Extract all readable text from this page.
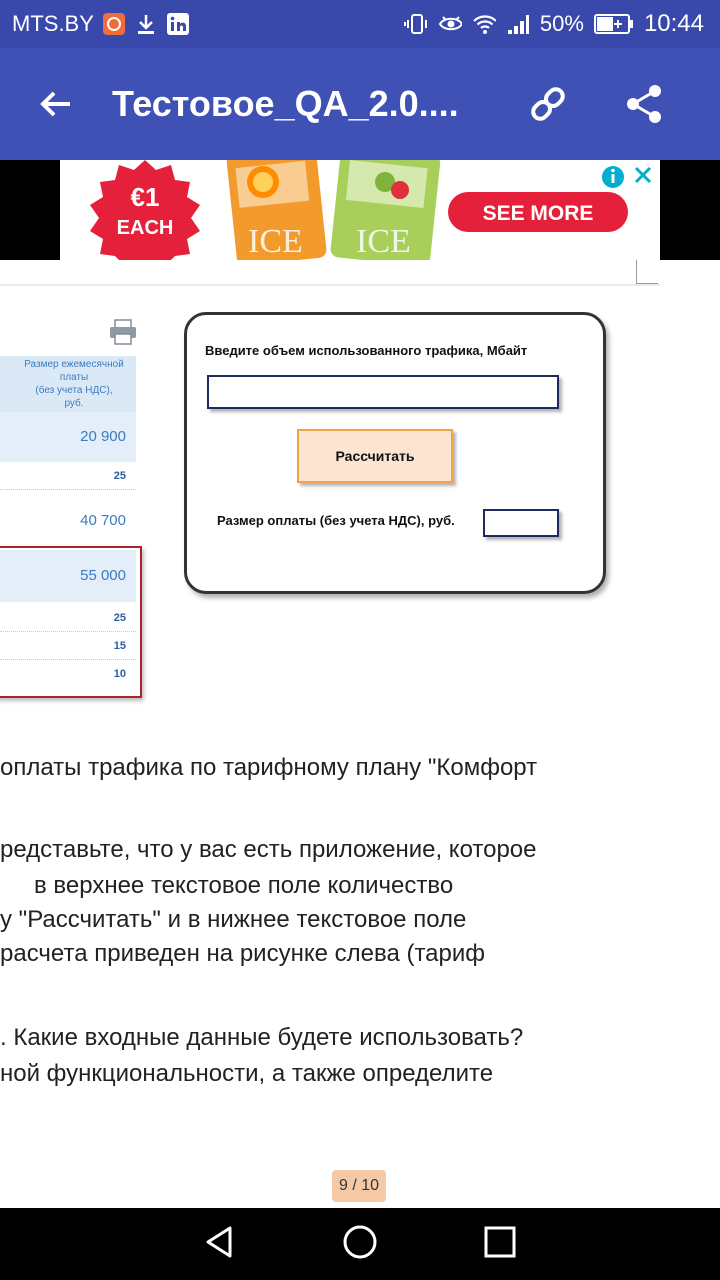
MTS.BY	50%	10:44
Тестовое_QA_2.0....
ICE ICE
€1
EACH
SEE MORE
Размер ежемесячной
платы
(без учета НДС),
руб.
20 900
25
40 700
55 000
25
15
10
Введите объем использованного трафика, Мбайт
Рассчитать
Размер оплаты (без учета НДС), руб.
оплаты трафика по тарифному плану "Комфорт
редставьте, что у вас есть приложение, которое
в верхнее текстовое поле количество
у "Рассчитать" и в нижнее текстовое поле
расчета приведен на рисунке слева (тариф
. Какие входные данные будете использовать?
ной функциональности, а также определите
9 / 10
